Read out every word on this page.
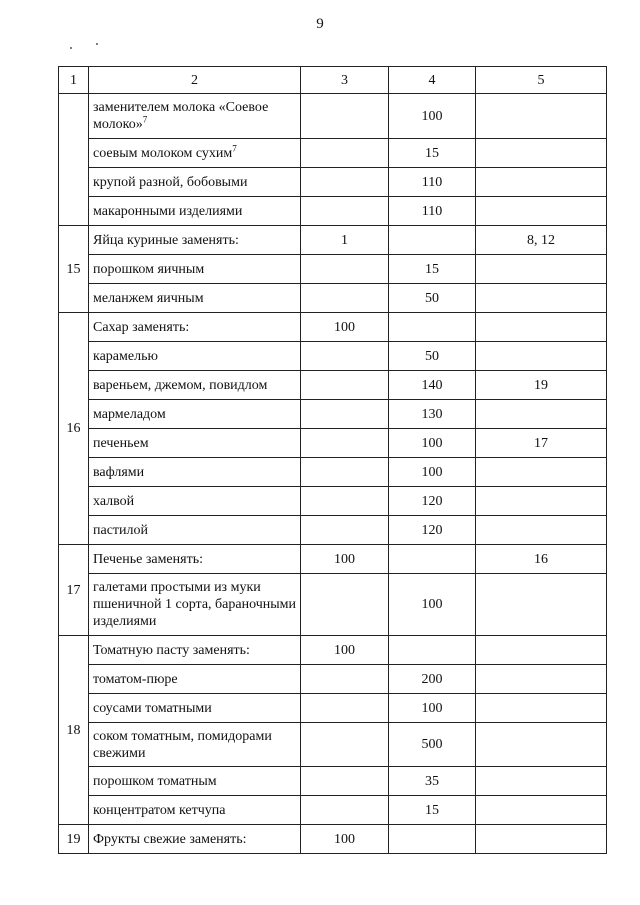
9
1	2	3	4	5
	заменителем молока «Соевое молоко»$^7$		100	
	соевым молоком сухим$^7$		15	
	крупой разной, бобовыми		110	
	макаронными изделиями		110	
15	Яйца куриные заменять:	1		8, 12
	порошком яичным		15	
	меланжем яичным		50	
16	Сахар заменять:	100		
	карамелью		50	
	вареньем, джемом, повидлом		140	19
	мармеладом		130	
	печеньем		100	17
	вафлями		100	
	халвой		120	
	пастилой		120	
17	Печенье заменять:	100		16
	галетами простыми из муки пшеничной 1 сорта, бараночными изделиями		100	
18	Томатную пасту заменять:	100		
	томатом-пюре		200	
	соусами томатными		100	
	соком томатным, помидорами свежими		500	
	порошком томатным		35	
	концентратом кетчупа		15	
19	Фрукты свежие заменять:	100		
